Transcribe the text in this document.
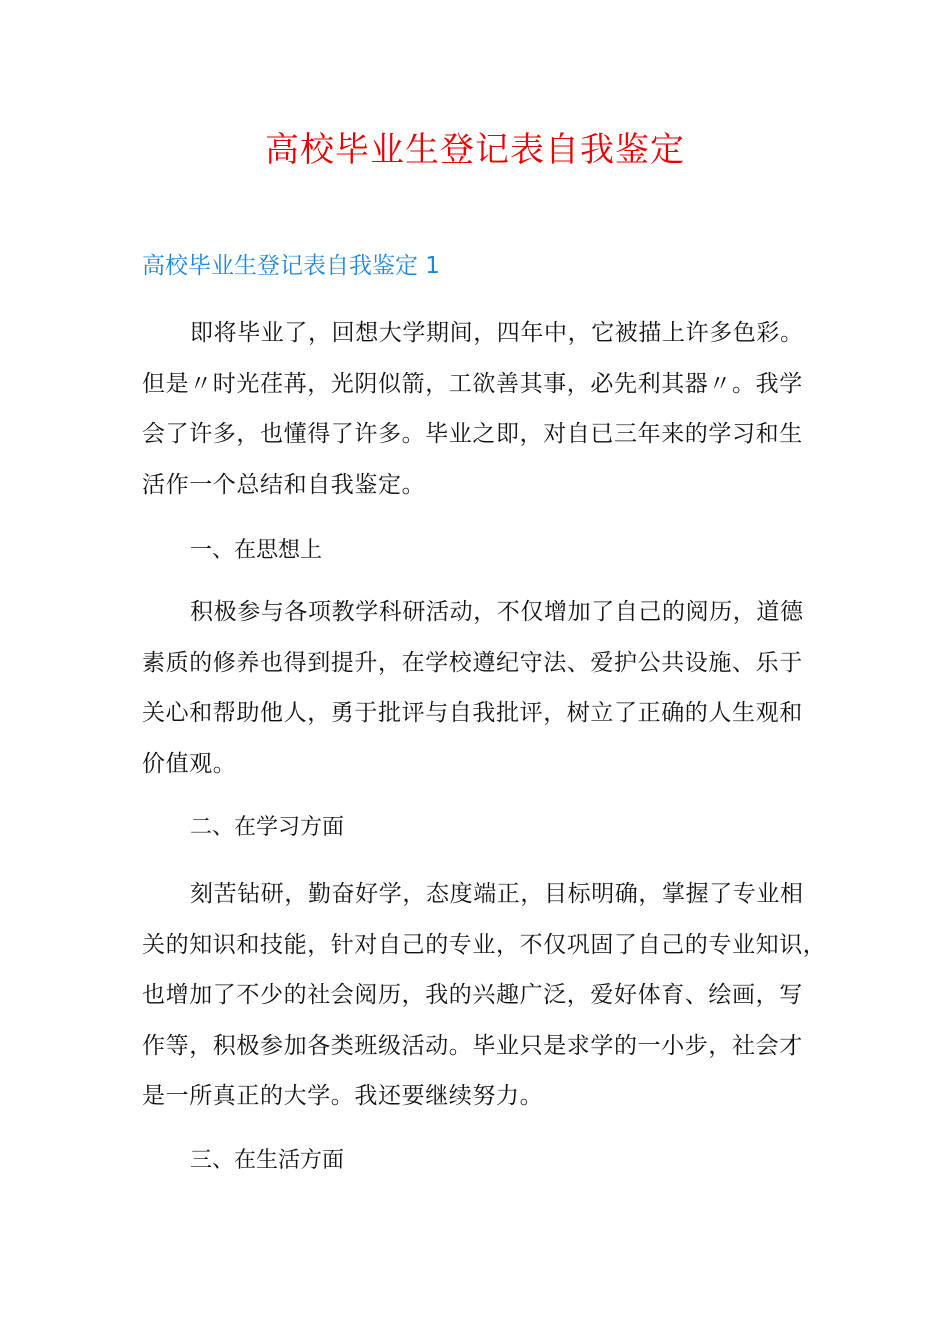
高校毕业生登记表自我鉴定
高校毕业生登记表自我鉴定 1

即将毕业了，回想大学期间，四年中，它被描上许多色彩。
但是〃时光荏苒，光阴似箭，工欲善其事，必先利其器〃。我学
会了许多，也懂得了许多。毕业之即，对自已三年来的学习和生
活作一个总结和自我鉴定。

一、在思想上

积极参与各项教学科研活动，不仅增加了自己的阅历，道德
素质的修养也得到提升，在学校遵纪守法、爱护公共设施、乐于
关心和帮助他人，勇于批评与自我批评，树立了正确的人生观和
价值观。

二、在学习方面

刻苦钻研，勤奋好学，态度端正，目标明确，掌握了专业相
关的知识和技能，针对自己的专业，不仅巩固了自己的专业知识，
也增加了不少的社会阅历，我的兴趣广泛，爱好体育、绘画，写
作等，积极参加各类班级活动。毕业只是求学的一小步，社会才
是一所真正的大学。我还要继续努力。

三、在生活方面
